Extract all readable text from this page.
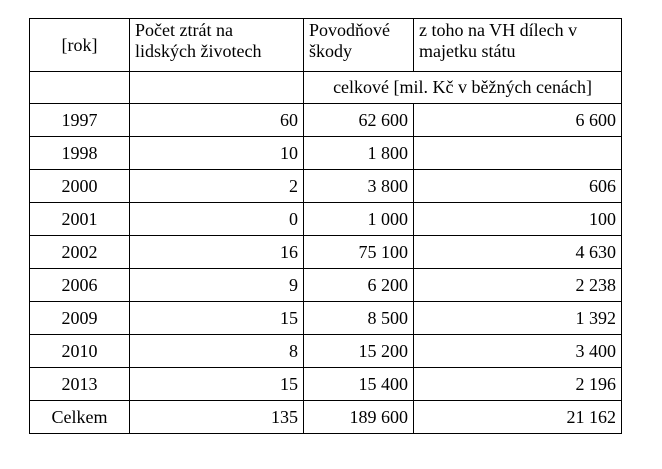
[rok]	Počet ztrát na lidských životech	Povodňové škody	z toho na VH dílech v majetku státu
		celkové [mil. Kč v běžných cenách]	
1997	60	62 600	6 600
1998	10	1 800	
2000	2	3 800	606
2001	0	1 000	100
2002	16	75 100	4 630
2006	9	6 200	2 238
2009	15	8 500	1 392
2010	8	15 200	3 400
2013	15	15 400	2 196
Celkem	135	189 600	21 162
